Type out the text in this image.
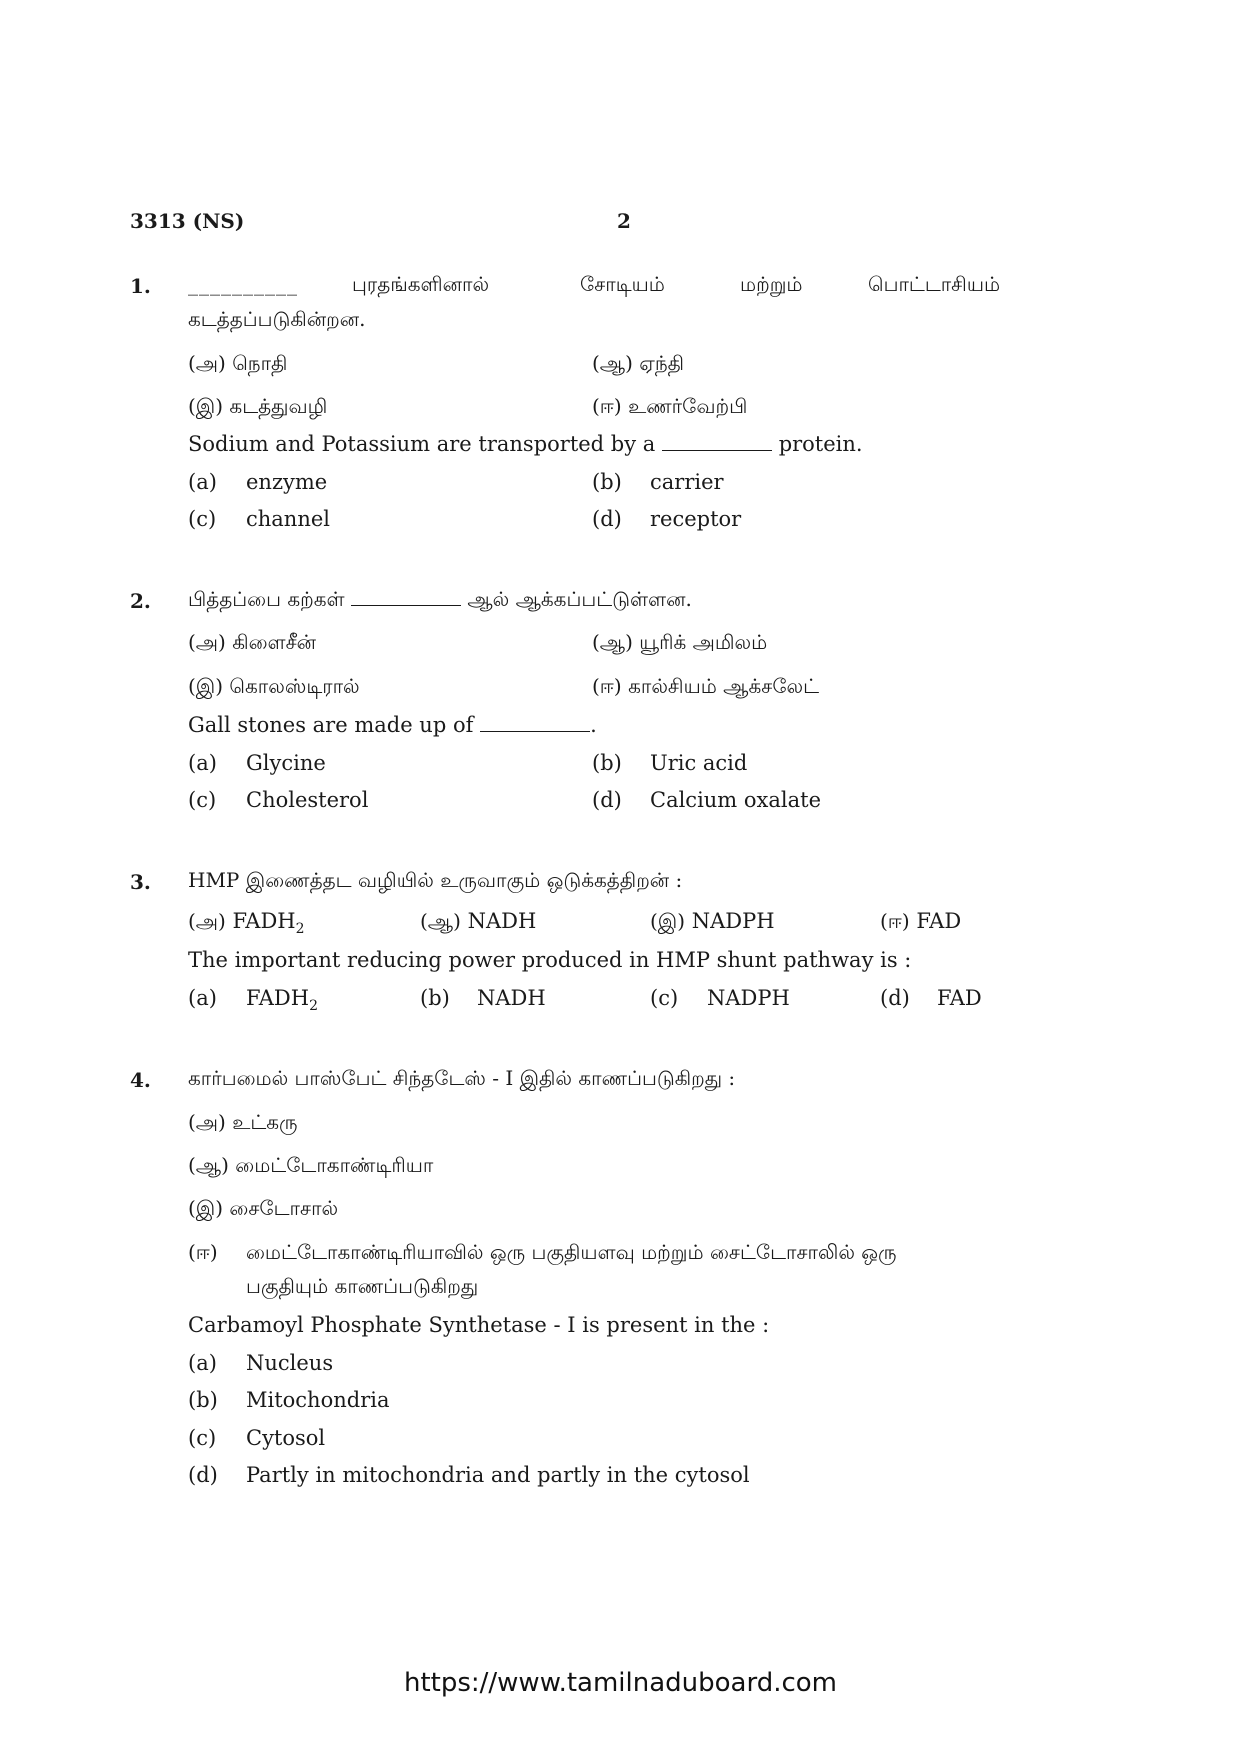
3313 (NS)	2
1. __________	புரதங்களினால்	சோடியம்	மற்றும்	பொட்டாசியம்
கடத்தப்படுகின்றன.
(அ) நொதி	(ஆ) ஏந்தி
(இ) கடத்துவழி	(ஈ) உணர்வேற்பி
Sodium and Potassium are transported by a	protein.
(a) enzyme	(b) carrier
(c) channel	(d) receptor
2. பித்தப்பை கற்கள்	ஆல் ஆக்கப்பட்டுள்ளன.
(அ) கிளைசீன்	(ஆ) யூரிக் அமிலம்
(இ) கொலஸ்டிரால்	(ஈ) கால்சியம் ஆக்சலேட்
Gall stones are made up of	.
(a) Glycine	(b) Uric acid
(c) Cholesterol	(d) Calcium oxalate
3. HMP இணைத்தட வழியில் உருவாகும் ஒடுக்கத்திறன் :
(அ) $FADH_2$	(ஆ) NADH	(இ) NADPH	(ஈ) FAD
The important reducing power produced in HMP shunt pathway is :
(a) $FADH_2$	(b) NADH	(c) NADPH	(d) FAD
4. கார்பமைல் பாஸ்பேட் சிந்தடேஸ் - I இதில் காணப்படுகிறது :
(அ) உட்கரு
(ஆ) மைட்டோகாண்டிரியா
(இ) சைடோசால்
(ஈ) மைட்டோகாண்டிரியாவில் ஒரு பகுதியளவு மற்றும் சைட்டோசாலில் ஒரு
பகுதியும் காணப்படுகிறது
Carbamoyl Phosphate Synthetase - I is present in the :
(a) Nucleus
(b) Mitochondria
(c) Cytosol
(d) Partly in mitochondria and partly in the cytosol
https://www.tamilnaduboard.com
